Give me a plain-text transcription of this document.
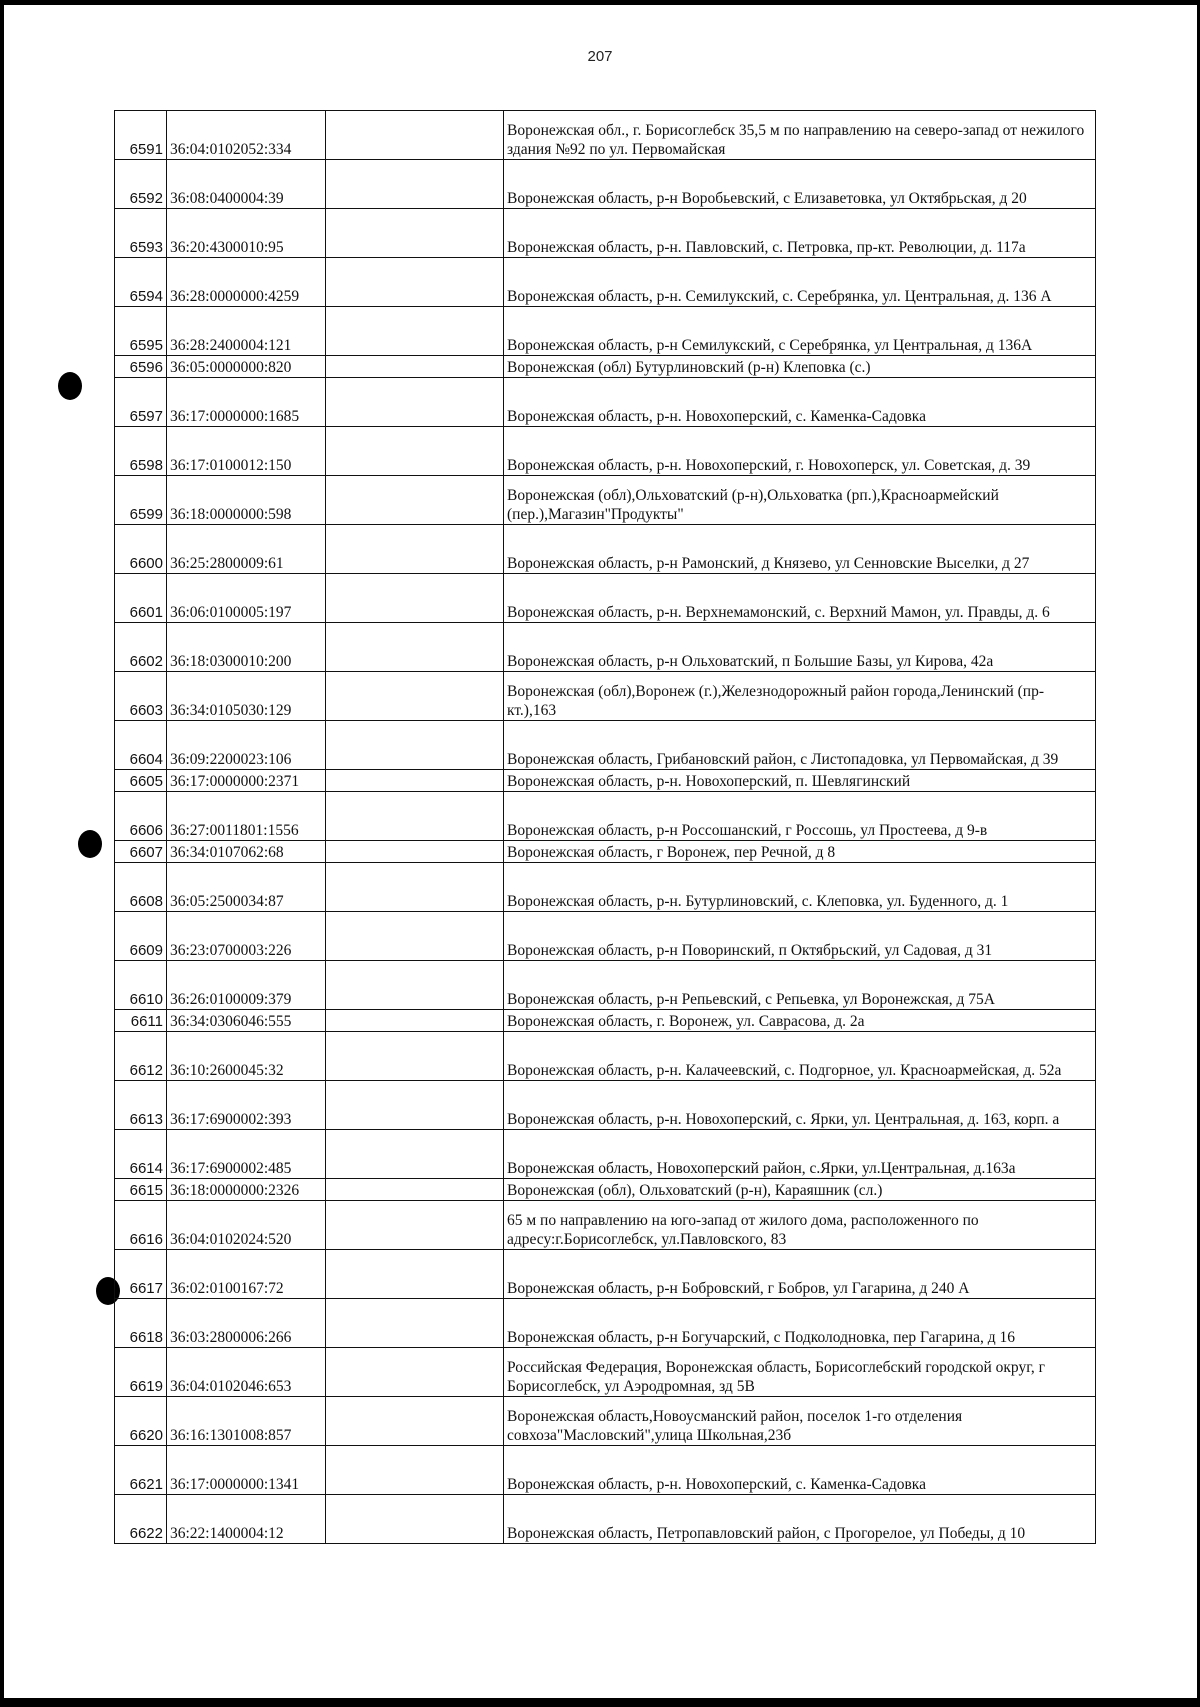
207
6591	36:04:0102052:334		Воронежская обл., г. Борисоглебск 35,5 м по направлению на северо-запад от нежилого здания №92 по ул. Первомайская
6592	36:08:0400004:39		Воронежская область, р-н Воробьевский, с Елизаветовка, ул Октябрьская, д 20
6593	36:20:4300010:95		Воронежская область, р-н. Павловский, с. Петровка, пр-кт. Революции, д. 117а
6594	36:28:0000000:4259		Воронежская область, р-н. Семилукский, с. Серебрянка, ул. Центральная, д. 136 А
6595	36:28:2400004:121		Воронежская область, р-н Семилукский, с Серебрянка, ул Центральная, д 136А
6596	36:05:0000000:820		Воронежская (обл) Бутурлиновский (р-н) Клеповка (с.)
6597	36:17:0000000:1685		Воронежская область, р-н. Новохоперский, с. Каменка-Садовка
6598	36:17:0100012:150		Воронежская область, р-н. Новохоперский, г. Новохоперск, ул. Советская, д. 39
6599	36:18:0000000:598		Воронежская (обл),Ольховатский (р-н),Ольховатка (рп.),Красноармейский (пер.),Магазин"Продукты"
6600	36:25:2800009:61		Воронежская область, р-н Рамонский, д Князево, ул Сенновские Выселки, д 27
6601	36:06:0100005:197		Воронежская область, р-н. Верхнемамонский, с. Верхний Мамон, ул. Правды, д. 6
6602	36:18:0300010:200		Воронежская область, р-н Ольховатский, п Большие Базы, ул Кирова, 42а
6603	36:34:0105030:129		Воронежская (обл),Воронеж (г.),Железнодорожный район города,Ленинский (пр-кт.),163
6604	36:09:2200023:106		Воронежская область, Грибановский район, с Листопадовка, ул Первомайская, д 39
6605	36:17:0000000:2371		Воронежская область, р-н. Новохоперский, п. Шевлягинский
6606	36:27:0011801:1556		Воронежская область, р-н Россошанский, г Россошь, ул Простеева, д 9-в
6607	36:34:0107062:68		Воронежская область, г Воронеж, пер Речной, д 8
6608	36:05:2500034:87		Воронежская область, р-н. Бутурлиновский, с. Клеповка, ул. Буденного, д. 1
6609	36:23:0700003:226		Воронежская область, р-н Поворинский, п Октябрьский, ул Садовая, д 31
6610	36:26:0100009:379		Воронежская область, р-н Репьевский, с Репьевка, ул Воронежская, д 75А
6611	36:34:0306046:555		Воронежская область, г. Воронеж, ул. Саврасова, д. 2а
6612	36:10:2600045:32		Воронежская область, р-н. Калачеевский, с. Подгорное, ул. Красноармейская, д. 52а
6613	36:17:6900002:393		Воронежская область, р-н. Новохоперский, с. Ярки, ул. Центральная, д. 163, корп. а
6614	36:17:6900002:485		Воронежская область, Новохоперский район, с.Ярки, ул.Центральная, д.163а
6615	36:18:0000000:2326		Воронежская (обл), Ольховатский (р-н), Караяшник (сл.)
6616	36:04:0102024:520		65 м по направлению на юго-запад от жилого дома, расположенного по адресу:г.Борисоглебск, ул.Павловского, 83
6617	36:02:0100167:72		Воронежская область, р-н Бобровский, г Бобров, ул Гагарина, д 240 А
6618	36:03:2800006:266		Воронежская область, р-н Богучарский, с Подколодновка, пер Гагарина, д 16
6619	36:04:0102046:653		Российская Федерация, Воронежская область, Борисоглебский городской округ, г Борисоглебск, ул Аэродромная, зд 5В
6620	36:16:1301008:857		Воронежская область,Новоусманский район, поселок 1-го отделения совхоза"Масловский",улица Школьная,23б
6621	36:17:0000000:1341		Воронежская область, р-н. Новохоперский, с. Каменка-Садовка
6622	36:22:1400004:12		Воронежская область, Петропавловский район, с Прогорелое, ул Победы, д 10
